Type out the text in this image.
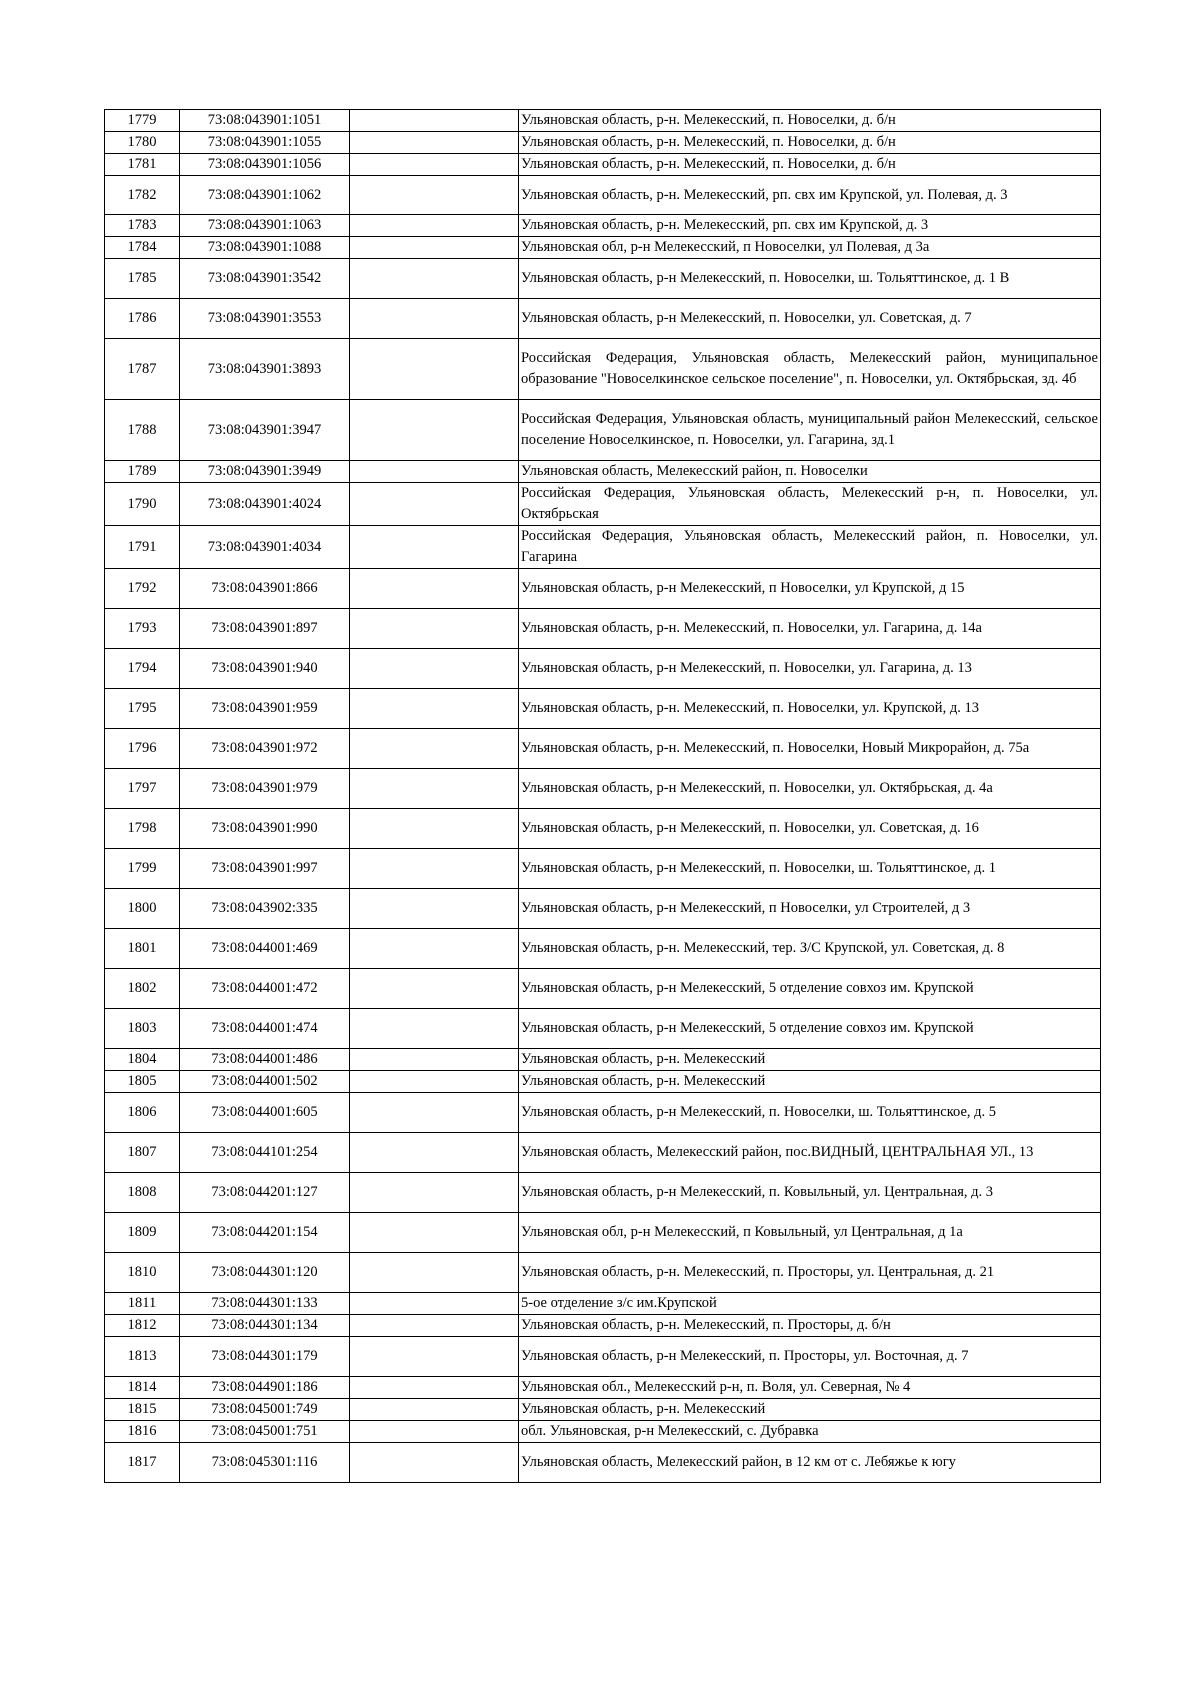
1779	73:08:043901:1051		Ульяновская область, р-н. Мелекесский, п. Новоселки, д. б/н
1780	73:08:043901:1055		Ульяновская область, р-н. Мелекесский, п. Новоселки, д. б/н
1781	73:08:043901:1056		Ульяновская область, р-н. Мелекесский, п. Новоселки, д. б/н
1782	73:08:043901:1062		Ульяновская область, р-н. Мелекесский, рп. свх им Крупской, ул. Полевая, д. 3
1783	73:08:043901:1063		Ульяновская область, р-н. Мелекесский, рп. свх им Крупской, д. 3
1784	73:08:043901:1088		Ульяновская обл, р-н Мелекесский, п Новоселки, ул Полевая, д 3а
1785	73:08:043901:3542		Ульяновская область, р-н Мелекесский, п. Новоселки, ш. Тольяттинское, д. 1 В
1786	73:08:043901:3553		Ульяновская область, р-н Мелекесский, п. Новоселки, ул. Советская, д. 7
1787	73:08:043901:3893		Российская Федерация, Ульяновская область, Мелекесский район, муниципальное образование "Новоселкинское сельское поселение", п. Новоселки, ул. Октябрьская, зд. 4б
1788	73:08:043901:3947		Российская Федерация, Ульяновская область, муниципальный район Мелекесский, сельское поселение Новоселкинское, п. Новоселки, ул. Гагарина, зд.1
1789	73:08:043901:3949		Ульяновская область, Мелекесский район, п. Новоселки
1790	73:08:043901:4024		Российская Федерация, Ульяновская область, Мелекесский р-н, п. Новоселки, ул. Октябрьская
1791	73:08:043901:4034		Российская Федерация, Ульяновская область, Мелекесский район, п. Новоселки, ул. Гагарина
1792	73:08:043901:866		Ульяновская область, р-н Мелекесский, п Новоселки, ул Крупской, д 15
1793	73:08:043901:897		Ульяновская область, р-н. Мелекесский, п. Новоселки, ул. Гагарина, д. 14а
1794	73:08:043901:940		Ульяновская область, р-н Мелекесский, п. Новоселки, ул. Гагарина, д. 13
1795	73:08:043901:959		Ульяновская область, р-н. Мелекесский, п. Новоселки, ул. Крупской, д. 13
1796	73:08:043901:972		Ульяновская область, р-н. Мелекесский, п. Новоселки, Новый Микрорайон, д. 75а
1797	73:08:043901:979		Ульяновская область, р-н Мелекесский, п. Новоселки, ул. Октябрьская, д. 4а
1798	73:08:043901:990		Ульяновская область, р-н Мелекесский, п. Новоселки, ул. Советская, д. 16
1799	73:08:043901:997		Ульяновская область, р-н Мелекесский, п. Новоселки, ш. Тольяттинское, д. 1
1800	73:08:043902:335		Ульяновская область, р-н Мелекесский, п Новоселки, ул Строителей, д 3
1801	73:08:044001:469		Ульяновская область, р-н. Мелекесский, тер. З/С Крупской, ул. Советская, д. 8
1802	73:08:044001:472		Ульяновская область, р-н Мелекесский, 5 отделение совхоз им. Крупской
1803	73:08:044001:474		Ульяновская область, р-н Мелекесский, 5 отделение совхоз им. Крупской
1804	73:08:044001:486		Ульяновская область, р-н. Мелекесский
1805	73:08:044001:502		Ульяновская область, р-н. Мелекесский
1806	73:08:044001:605		Ульяновская область, р-н Мелекесский, п. Новоселки, ш. Тольяттинское, д. 5
1807	73:08:044101:254		Ульяновская область, Мелекесский район, пос.ВИДНЫЙ, ЦЕНТРАЛЬНАЯ УЛ., 13
1808	73:08:044201:127		Ульяновская область, р-н Мелекесский, п. Ковыльный, ул. Центральная, д. 3
1809	73:08:044201:154		Ульяновская обл, р-н Мелекесский, п Ковыльный, ул Центральная, д 1а
1810	73:08:044301:120		Ульяновская область, р-н. Мелекесский, п. Просторы, ул. Центральная, д. 21
1811	73:08:044301:133		5-ое отделение з/с им.Крупской
1812	73:08:044301:134		Ульяновская область, р-н. Мелекесский, п. Просторы, д. б/н
1813	73:08:044301:179		Ульяновская область, р-н Мелекесский, п. Просторы, ул. Восточная, д. 7
1814	73:08:044901:186		Ульяновская обл., Мелекесский р-н, п. Воля, ул. Северная, № 4
1815	73:08:045001:749		Ульяновская область, р-н. Мелекесский
1816	73:08:045001:751		обл. Ульяновская, р-н Мелекесский, с. Дубравка
1817	73:08:045301:116		Ульяновская область, Мелекесский район, в 12 км от с. Лебяжье к югу
